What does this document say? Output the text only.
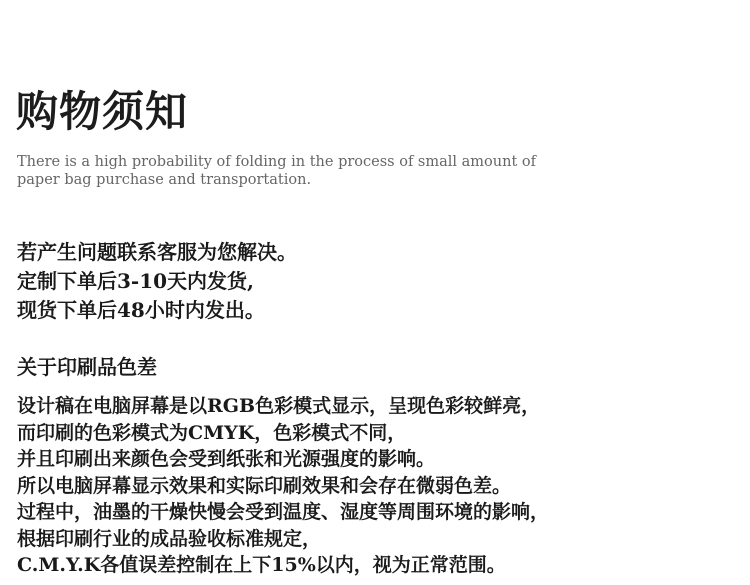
购物须知
There is a high probability of folding in the process of small amount of
paper bag purchase and transportation.
若产生问题联系客服为您解决。
定制下单后3-10天内发货,
现货下单后48小时内发出。
关于印刷品色差
设计稿在电脑屏幕是以RGB色彩模式显示，呈现色彩较鲜亮，
而印刷的色彩模式为CMYK，色彩模式不同，
并且印刷出来颜色会受到纸张和光源强度的影响。
所以电脑屏幕显示效果和实际印刷效果和会存在微弱色差。
过程中，油墨的干燥快慢会受到温度、湿度等周围环境的影响，
根据印刷行业的成品验收标准规定，
C.M.Y.K各值误差控制在上下15%以内，视为正常范围。
